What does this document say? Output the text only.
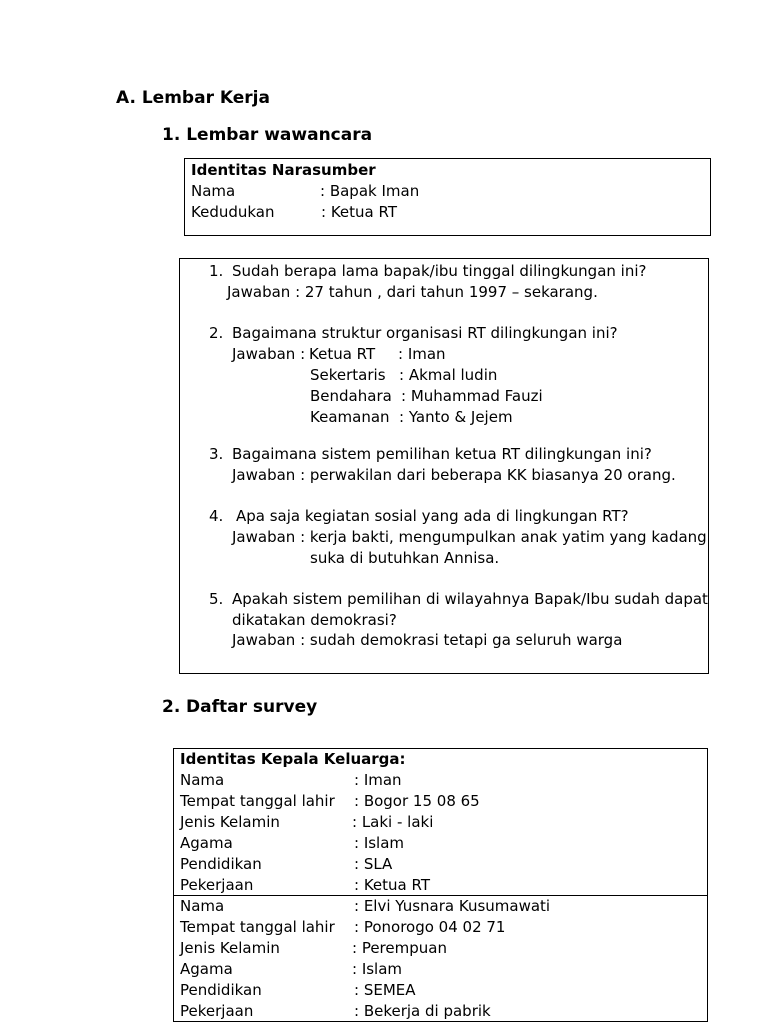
A. Lembar Kerja
1. Lembar wawancara
Identitas Narasumber
Nama	: Bapak Iman
Kedudukan	: Ketua RT
1. Sudah berapa lama bapak/ibu tinggal dilingkungan ini?
Jawaban : 27 tahun , dari tahun 1997 – sekarang.
2. Bagaimana struktur organisasi RT dilingkungan ini?
Jawaban : Ketua RT : Iman
Sekertaris : Akmal ludin
Bendahara : Muhammad Fauzi
Keamanan : Yanto & Jejem
3. Bagaimana sistem pemilihan ketua RT dilingkungan ini?
Jawaban : perwakilan dari beberapa KK biasanya 20 orang.
4. Apa saja kegiatan sosial yang ada di lingkungan RT?
Jawaban : kerja bakti, mengumpulkan anak yatim yang kadang
suka di butuhkan Annisa.
5. Apakah sistem pemilihan di wilayahnya Bapak/Ibu sudah dapat
dikatakan demokrasi?
Jawaban : sudah demokrasi tetapi ga seluruh warga
2. Daftar survey
Identitas Kepala Keluarga:
Nama	: Iman
Tempat tanggal lahir : Bogor 15 08 65
Jenis Kelamin	: Laki - laki
Agama	: Islam
Pendidikan	: SLA
Pekerjaan	: Ketua RT
Nama	: Elvi Yusnara Kusumawati
Tempat tanggal lahir : Ponorogo 04 02 71
Jenis Kelamin	: Perempuan
Agama	: Islam
Pendidikan	: SEMEA
Pekerjaan	: Bekerja di pabrik
